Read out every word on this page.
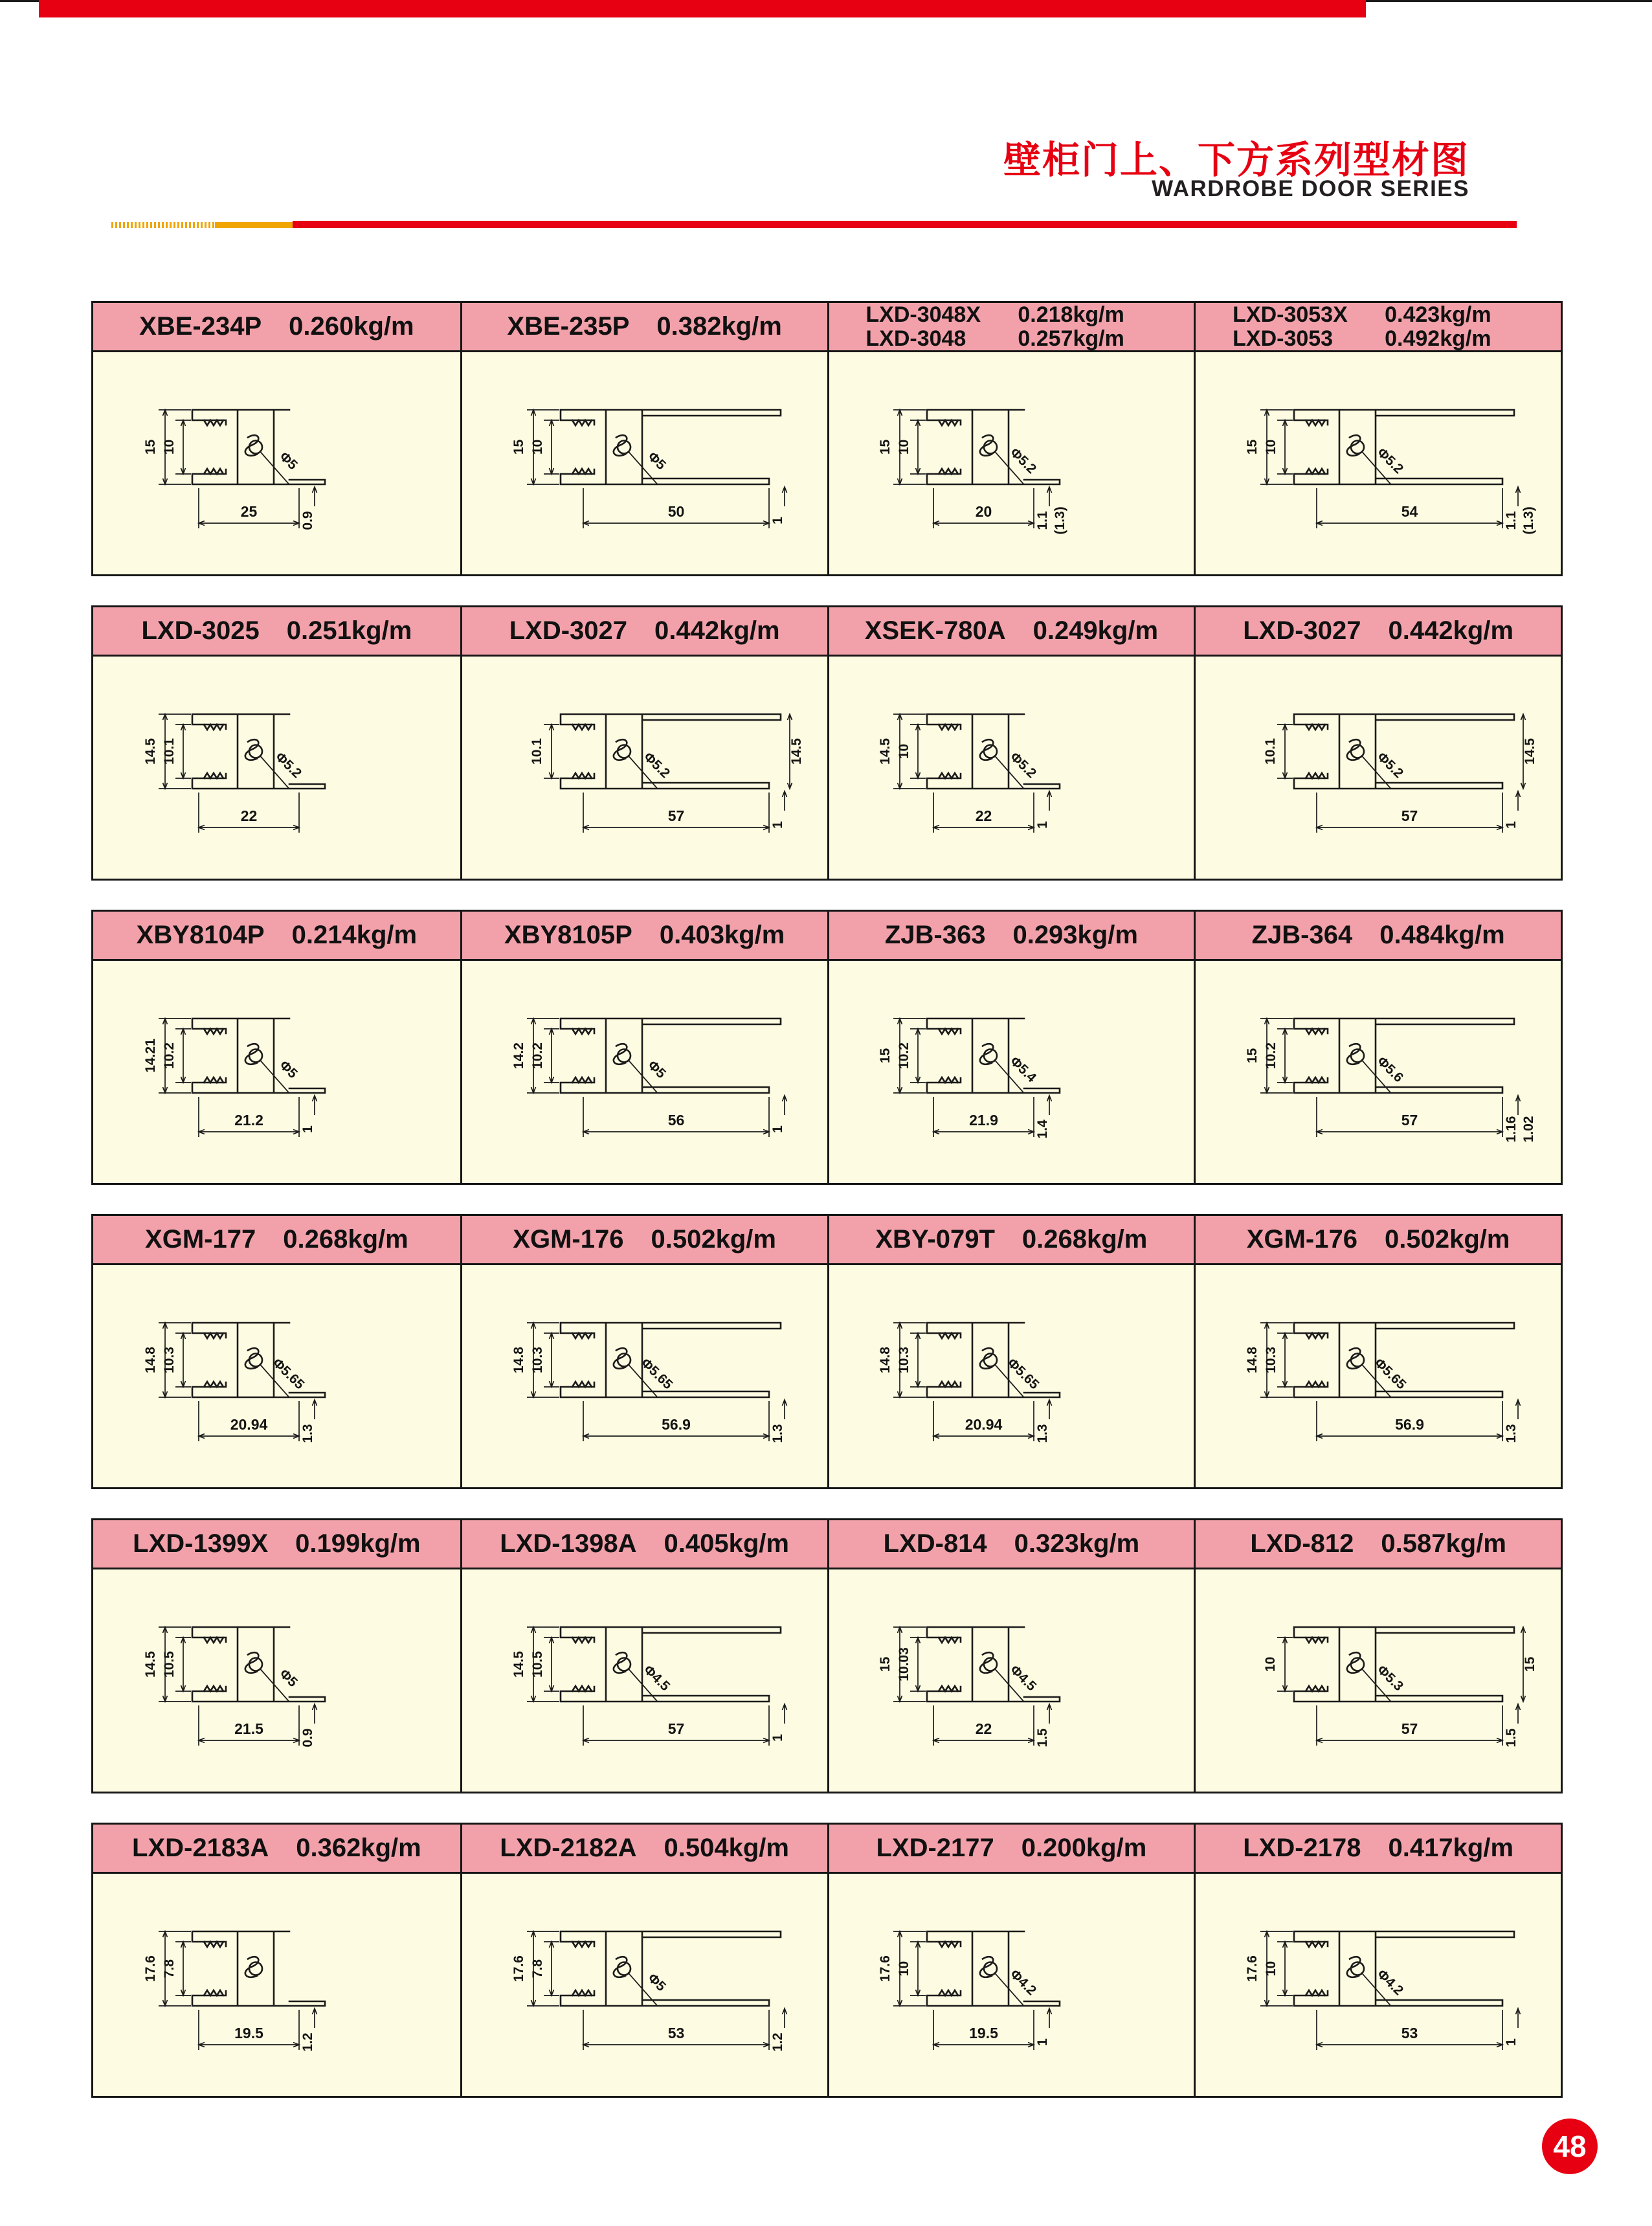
壁柜门上、下方系列型材图
WARDROBE DOOR SERIES
XBE-234P 0.260kg/m
15 10
25	0.9
Φ5
XBE-235P 0.382kg/m
15 10
50
1
Φ5
LXD-3048X	0.218kg/m
LXD-3048	0.257kg/m
15 10
20	1.1 (1.3)
Φ5.2
LXD-3053X	0.423kg/m
LXD-3053	0.492kg/m
15 10
54	1.1 (1.3)
Φ5.2
LXD-3025 0.251kg/m
14.5 10.1
22
Φ5.2
LXD-3027 0.442kg/m
10.1
57
14.5
1
Φ5.2
XSEK-780A 0.249kg/m
14.5 10
22
1
Φ5.2
LXD-3027 0.442kg/m
10.1
57
14.5
1
Φ5.2
XBY8104P 0.214kg/m
14.21 10.2
21.2
1
Φ5
XBY8105P 0.403kg/m
14.2 10.2
56
1
Φ5
ZJB-363 0.293kg/m
15 10.2
21.9	1.4
Φ5.4
ZJB-364 0.484kg/m
15 10.2
57	1.16 1.02
Φ5.6
XGM-177 0.268kg/m
14.8 10.3
20.94 1.3
Φ5.65
XGM-176 0.502kg/m
14.8 10.3
56.9	1.3
Φ5.65
XBY-079T 0.268kg/m
14.8 10.3
20.94 1.3
Φ5.65
XGM-176 0.502kg/m
14.8 10.3
56.9	1.3
Φ5.65
LXD-1399X 0.199kg/m
14.5 10.5
21.5	0.9
Φ5
LXD-1398A 0.405kg/m
14.5 10.5
57
1
Φ4.5
LXD-814 0.323kg/m
15 10.03
22	1.5
Φ4.5
LXD-812 0.587kg/m
10
57
15
1.5
Φ5.3
LXD-2183A 0.362kg/m
17.6 7.8
19.5	1.2
LXD-2182A 0.504kg/m
17.6 7.8
53	1.2
Φ5
LXD-2177 0.200kg/m
17.6 10
19.5
1
Φ4.2
LXD-2178 0.417kg/m
17.6 10
53
1
Φ4.2
48
